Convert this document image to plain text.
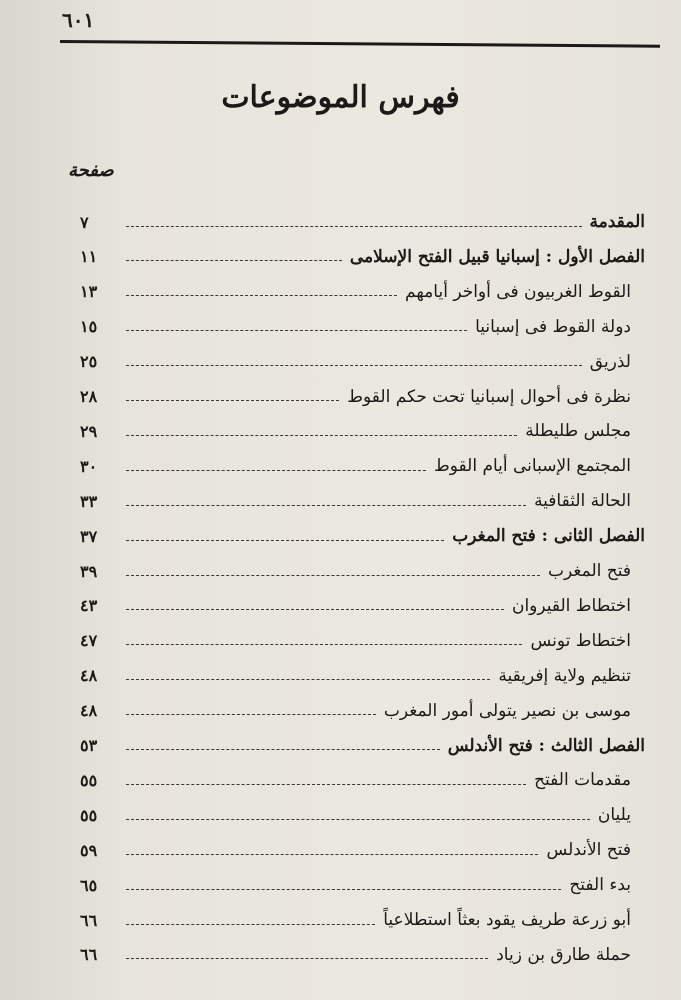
٦٠١
فهرس الموضوعات
صفحة
المقدمة
٧
الفصل الأول : إسبانيا قبيل الفتح الإسلامى
١١
القوط الغربيون فى أواخر أيامهم
١٣
دولة القوط فى إسبانيا
١٥
لذريق
٢٥
نظرة فى أحوال إسبانيا تحت حكم القوط
٢٨
مجلس طليطلة
٢٩
المجتمع الإسبانى أيام القوط
٣٠
الحالة الثقافية
٣٣
الفصل الثانى : فتح المغرب
٣٧
فتح المغرب
٣٩
اختطاط القيروان
٤٣
اختطاط تونس
٤٧
تنظيم ولاية إفريقية
٤٨
موسى بن نصير يتولى أمور المغرب
٤٨
الفصل الثالث : فتح الأندلس
٥٣
مقدمات الفتح
٥٥
يليان
٥٥
فتح الأندلس
٥٩
بدء الفتح
٦٥
أبو زرعة طريف يقود بعثاً استطلاعياً
٦٦
حملة طارق بن زياد
٦٦
